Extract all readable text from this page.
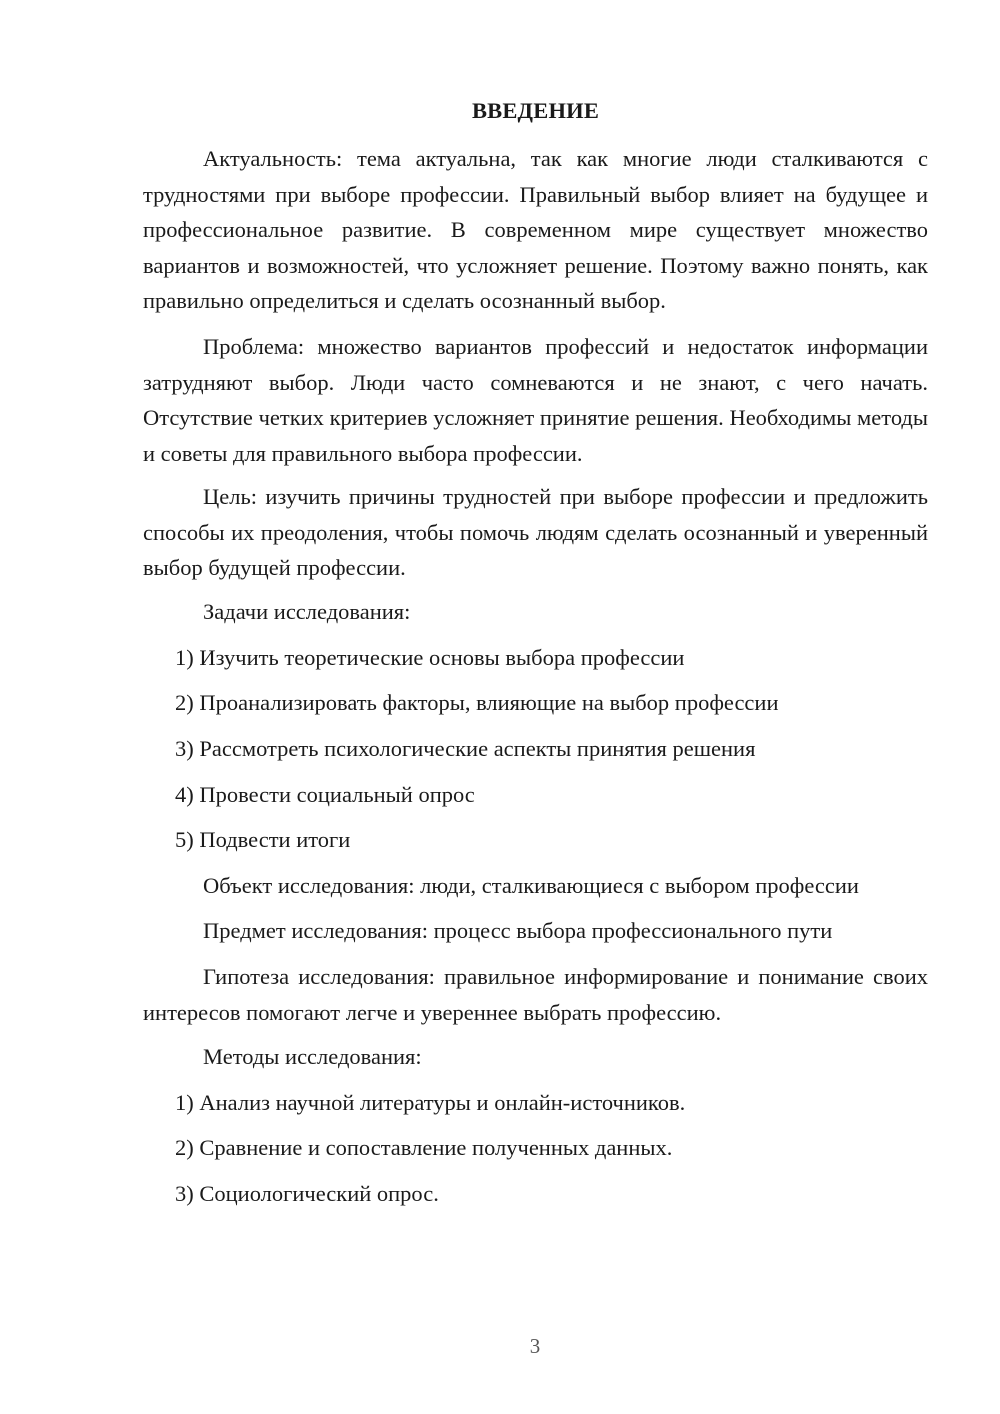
ВВЕДЕНИЕ

Актуальность: тема актуальна, так как многие люди сталкиваются с трудностями при выборе профессии. Правильный выбор влияет на будущее и профессиональное развитие. В современном мире существует множество вариантов и возможностей, что усложняет решение. Поэтому важно понять, как правильно определиться и сделать осознанный выбор.

Проблема: множество вариантов профессий и недостаток информации затрудняют выбор. Люди часто сомневаются и не знают, с чего начать. Отсутствие четких критериев усложняет принятие решения. Необходимы методы и советы для правильного выбора профессии.

Цель: изучить причины трудностей при выборе профессии и предложить способы их преодоления, чтобы помочь людям сделать осознанный и уверенный выбор будущей профессии.

Задачи исследования:

1) Изучить теоретические основы выбора профессии

2) Проанализировать факторы, влияющие на выбор профессии

3) Рассмотреть психологические аспекты принятия решения

4) Провести социальный опрос

5) Подвести итоги

Объект исследования: люди, сталкивающиеся с выбором профессии

Предмет исследования: процесс выбора профессионального пути

Гипотеза исследования: правильное информирование и понимание своих интересов помогают легче и увереннее выбрать профессию.

Методы исследования:

1) Анализ научной литературы и онлайн-источников.

2) Сравнение и сопоставление полученных данных.

3) Социологический опрос.

3
